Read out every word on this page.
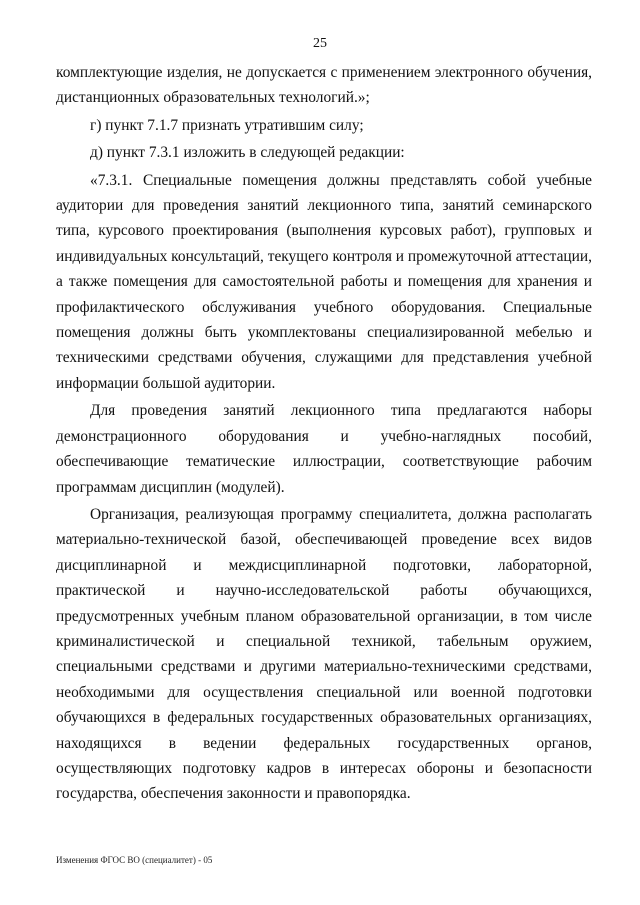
25

комплектующие изделия, не допускается с применением электронного обучения, дистанционных образовательных технологий.»;

г) пункт 7.1.7 признать утратившим силу;

д) пункт 7.3.1 изложить в следующей редакции:

«7.3.1. Специальные помещения должны представлять собой учебные аудитории для проведения занятий лекционного типа, занятий семинарского типа, курсового проектирования (выполнения курсовых работ), групповых и индивидуальных консультаций, текущего контроля и промежуточной аттестации, а также помещения для самостоятельной работы и помещения для хранения и профилактического обслуживания учебного оборудования. Специальные помещения должны быть укомплектованы специализированной мебелью и техническими средствами обучения, служащими для представления учебной информации большой аудитории.

Для проведения занятий лекционного типа предлагаются наборы демонстрационного оборудования и учебно-наглядных пособий, обеспечивающие тематические иллюстрации, соответствующие рабочим программам дисциплин (модулей).

Организация, реализующая программу специалитета, должна располагать материально-технической базой, обеспечивающей проведение всех видов дисциплинарной и междисциплинарной подготовки, лабораторной, практической и научно-исследовательской работы обучающихся, предусмотренных учебным планом образовательной организации, в том числе криминалистической и специальной техникой, табельным оружием, специальными средствами и другими материально-техническими средствами, необходимыми для осуществления специальной или военной подготовки обучающихся в федеральных государственных образовательных организациях, находящихся в ведении федеральных государственных органов, осуществляющих подготовку кадров в интересах обороны и безопасности государства, обеспечения законности и правопорядка.

Изменения ФГОС ВО (специалитет) - 05
